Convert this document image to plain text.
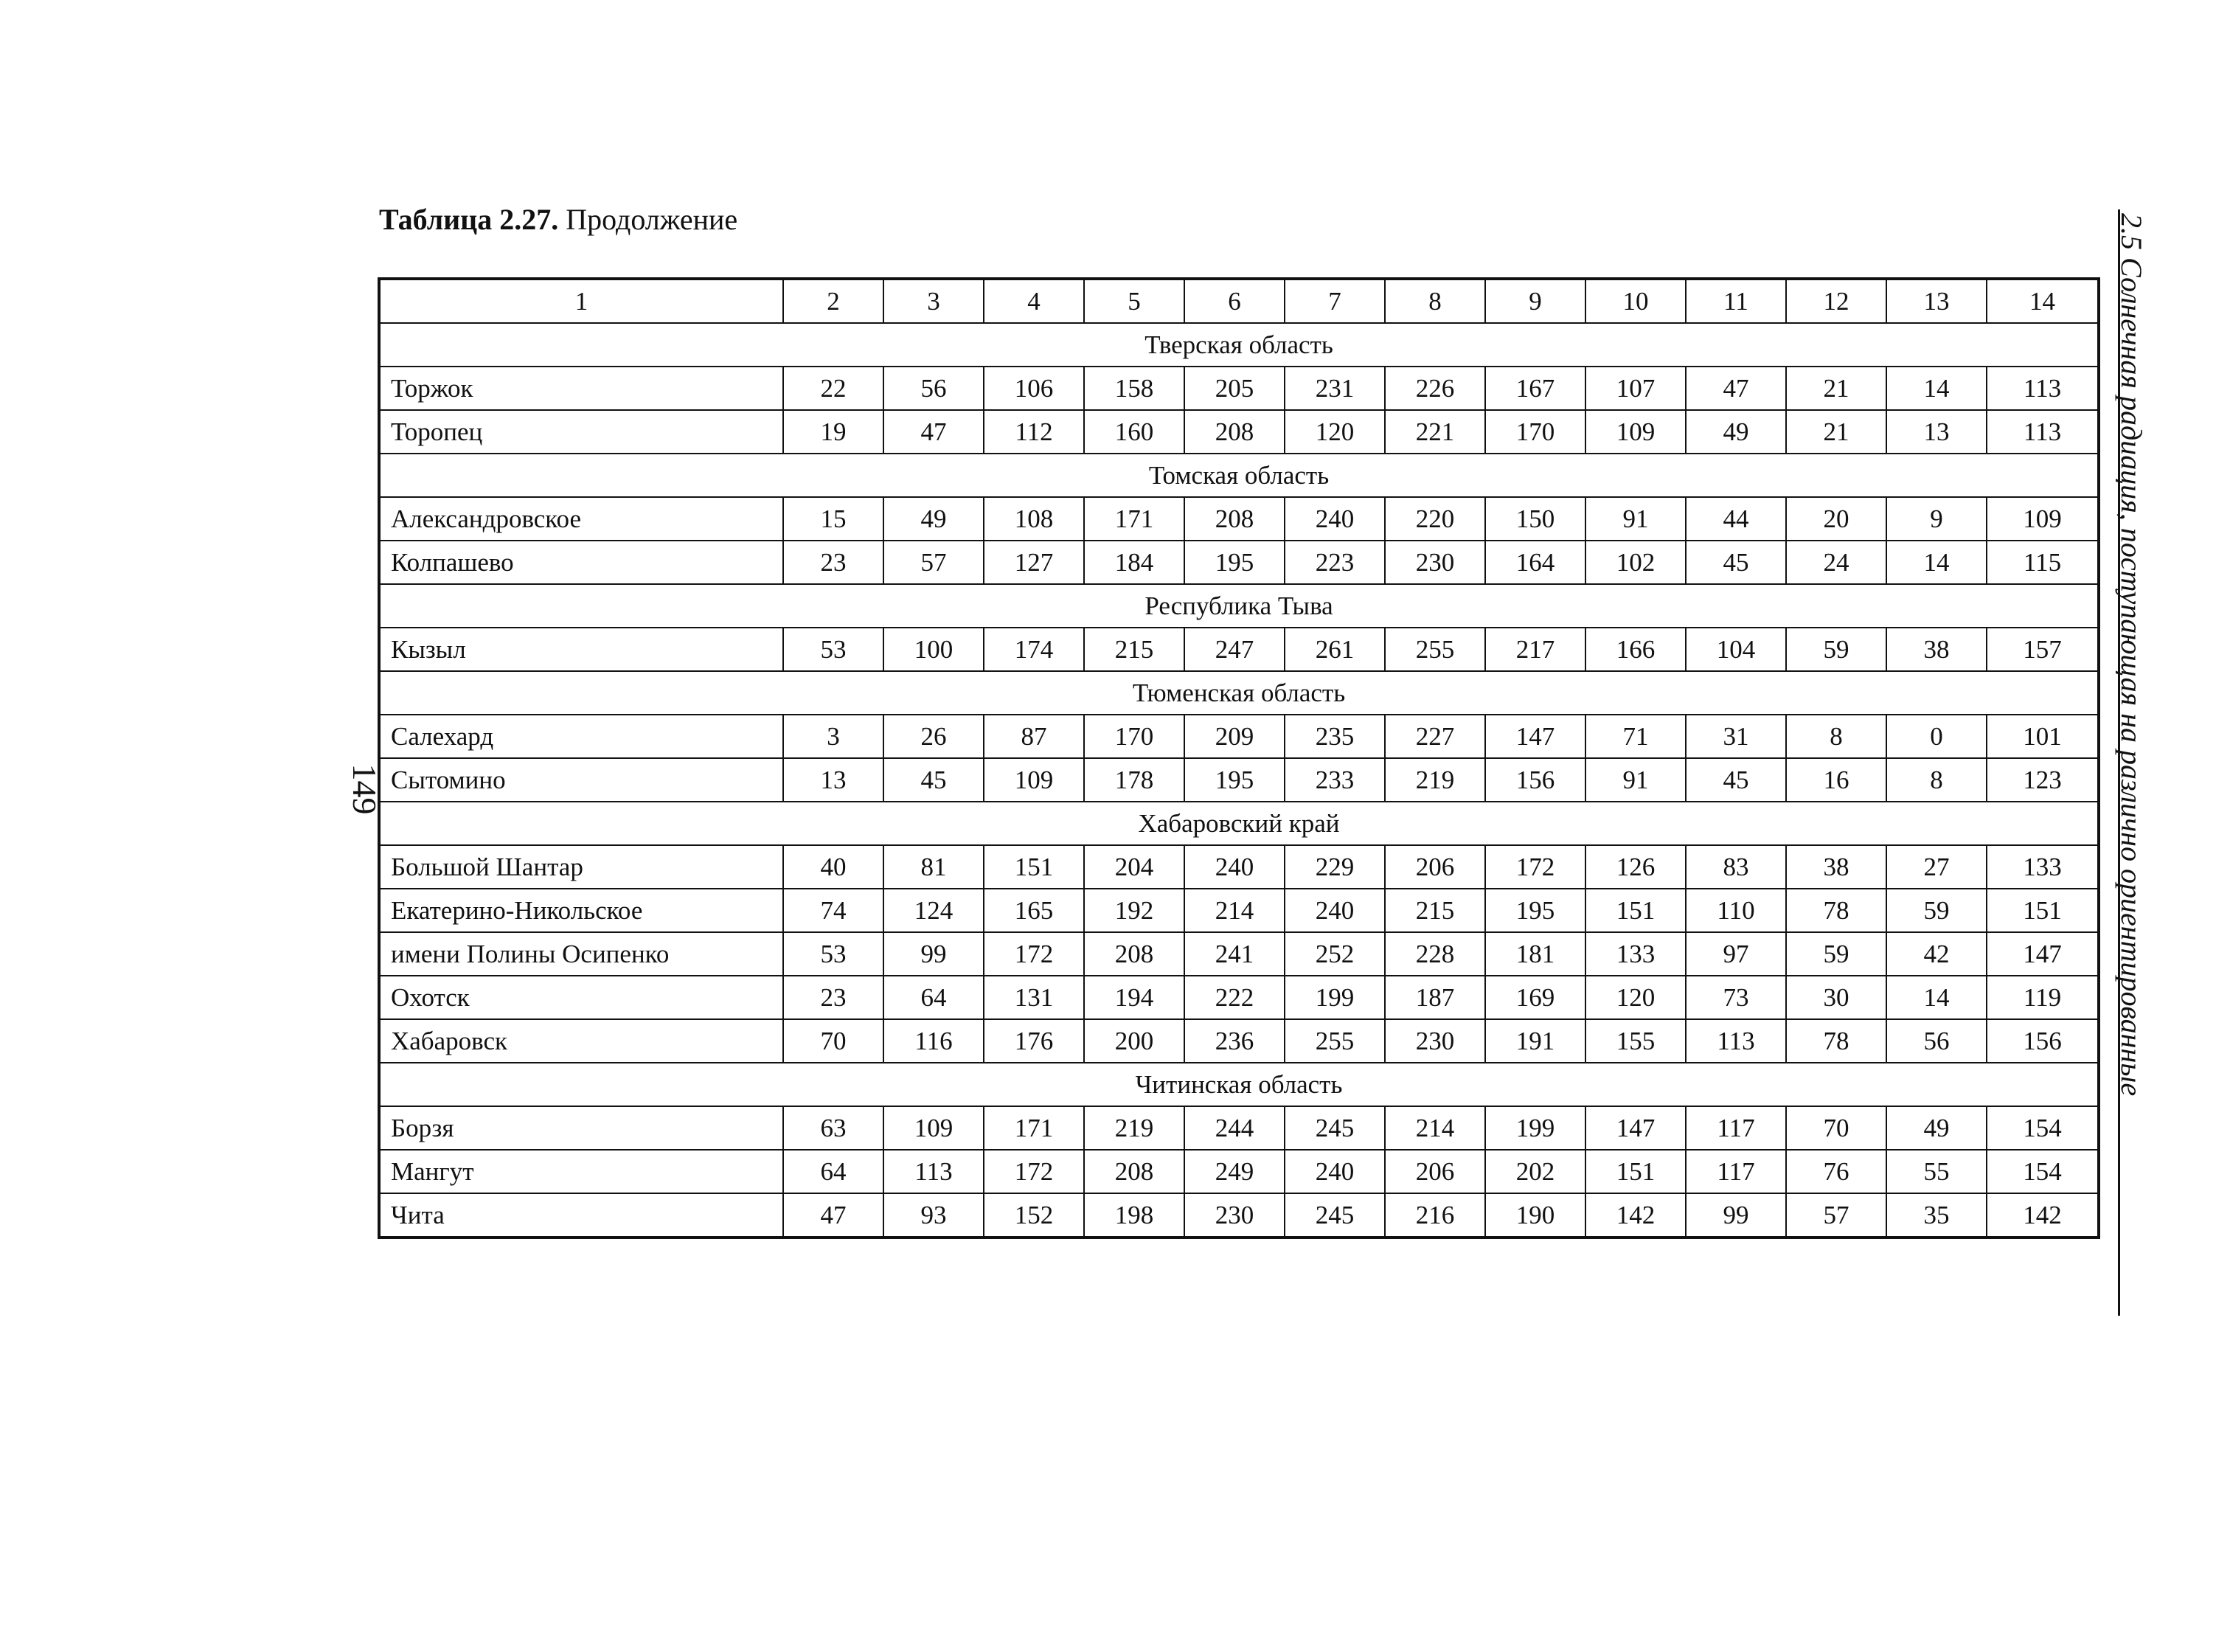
Таблица 2.27. Продолжение
1	2	3	4	5	6	7	8	9	10	11	12	13	14
Тверская область													
Торжок	22	56	106	158	205	231	226	167	107	47	21	14	113
Торопец	19	47	112	160	208	120	221	170	109	49	21	13	113
Томская область													
Александровское	15	49	108	171	208	240	220	150	91	44	20	9	109
Колпашево	23	57	127	184	195	223	230	164	102	45	24	14	115
Республика Тыва													
Кызыл	53	100	174	215	247	261	255	217	166	104	59	38	157
Тюменская область													
Салехард	3	26	87	170	209	235	227	147	71	31	8	0	101
Сытомино	13	45	109	178	195	233	219	156	91	45	16	8	123
Хабаровский край													
Большой Шантар	40	81	151	204	240	229	206	172	126	83	38	27	133
Екатерино-Никольское	74	124	165	192	214	240	215	195	151	110	78	59	151
имени Полины Осипенко	53	99	172	208	241	252	228	181	133	97	59	42	147
Охотск	23	64	131	194	222	199	187	169	120	73	30	14	119
Хабаровск	70	116	176	200	236	255	230	191	155	113	78	56	156
Читинская область													
Борзя	63	109	171	219	244	245	214	199	147	117	70	49	154
Мангут	64	113	172	208	249	240	206	202	151	117	76	55	154
Чита	47	93	152	198	230	245	216	190	142	99	57	35	142
149	2.5 Солнечная радиация, поступающая на различно ориентированные
